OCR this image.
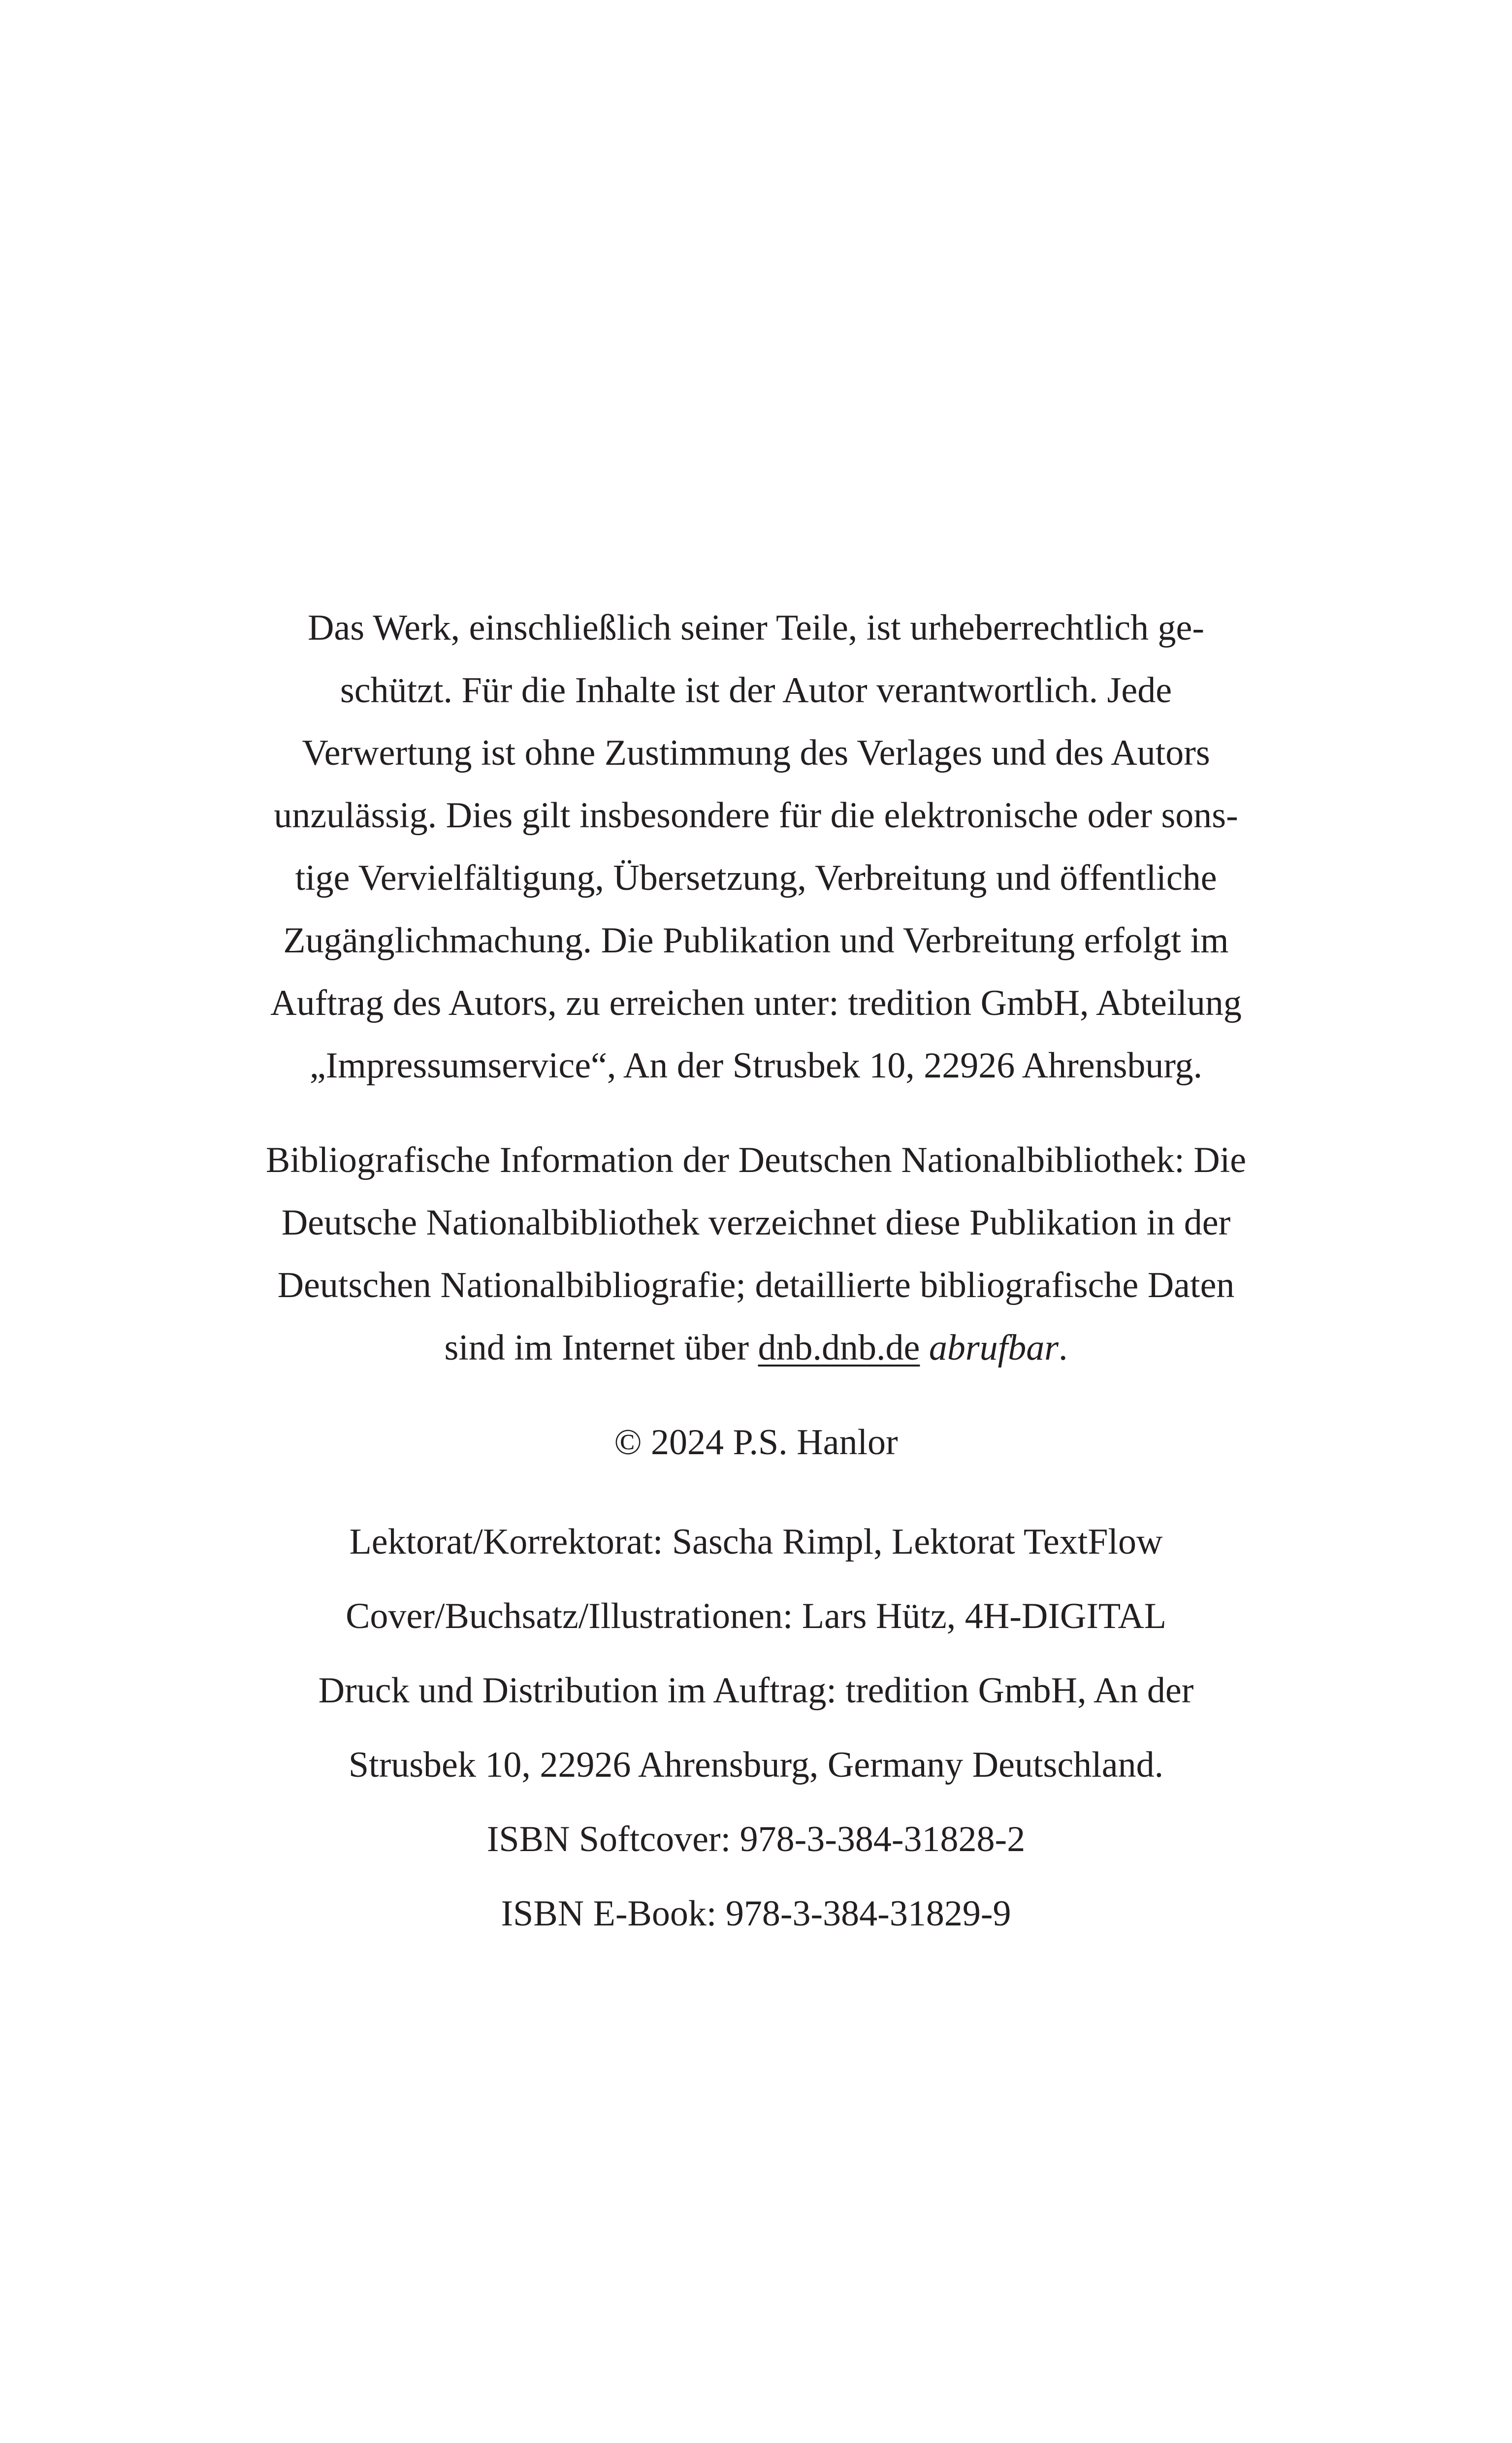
Das Werk, einschließlich seiner Teile, ist urheberrechtlich ge-
schützt. Für die Inhalte ist der Autor verantwortlich. Jede
Verwertung ist ohne Zustimmung des Verlages und des Autors
unzulässig. Dies gilt insbesondere für die elektronische oder sons-
tige Vervielfältigung, Übersetzung, Verbreitung und öffentliche
Zugänglichmachung. Die Publikation und Verbreitung erfolgt im
Auftrag des Autors, zu erreichen unter: tredition GmbH, Abteilung
„Impressumservice“, An der Strusbek 10, 22926 Ahrensburg.

Bibliografische Information der Deutschen Nationalbibliothek: Die
Deutsche Nationalbibliothek verzeichnet diese Publikation in der
Deutschen Nationalbibliografie; detaillierte bibliografische Daten
sind im Internet über dnb.dnb.de abrufbar.

© 2024 P.S. Hanlor

Lektorat/Korrektorat: Sascha Rimpl, Lektorat TextFlow
Cover/Buchsatz/Illustrationen: Lars Hütz, 4H-DIGITAL
Druck und Distribution im Auftrag: tredition GmbH, An der
Strusbek 10, 22926 Ahrensburg, Germany Deutschland.
ISBN Softcover: 978-3-384-31828-2
ISBN E-Book: 978-3-384-31829-9
